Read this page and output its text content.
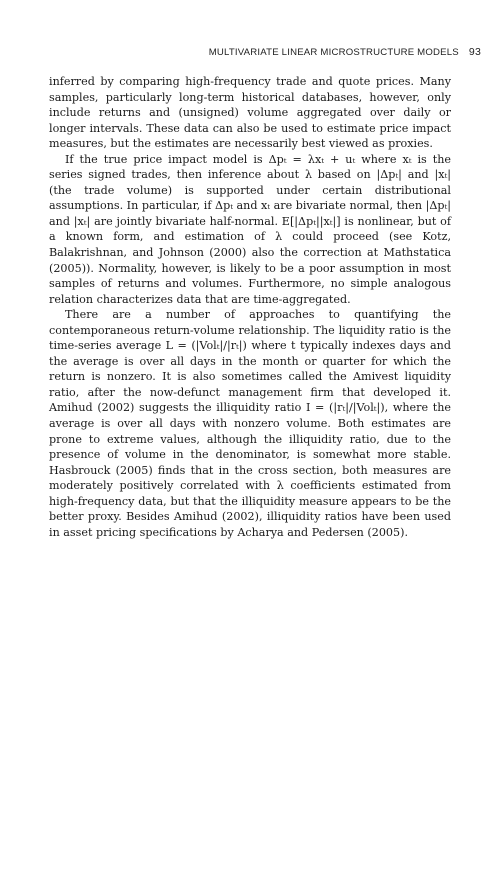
MULTIVARIATE LINEAR MICROSTRUCTURE MODELS 93

inferred by comparing high-frequency trade and quote prices. Many samples, particularly long-term historical databases, however, only include returns and (unsigned) volume aggregated over daily or longer intervals. These data can also be used to estimate price impact measures, but the estimates are necessarily best viewed as proxies.

If the true price impact model is Δpₜ = λxₜ + uₜ where xₜ is the series signed trades, then inference about λ based on |Δpₜ| and |xₜ| (the trade volume) is supported under certain distributional assumptions. In particular, if Δpₜ and xₜ are bivariate normal, then |Δpₜ| and |xₜ| are jointly bivariate half-normal. E[|Δpₜ||xₜ|] is nonlinear, but of a known form, and estimation of λ could proceed (see Kotz, Balakrishnan, and Johnson (2000) also the correction at Mathstatica (2005)). Normality, however, is likely to be a poor assumption in most samples of returns and volumes. Furthermore, no simple analogous relation characterizes data that are time-aggregated.

There are a number of approaches to quantifying the contemporaneous return-volume relationship. The liquidity ratio is the time-series average L = (|Volₜ|/|rₜ|) where t typically indexes days and the average is over all days in the month or quarter for which the return is nonzero. It is also sometimes called the Amivest liquidity ratio, after the now-defunct management firm that developed it. Amihud (2002) suggests the illiquidity ratio I = (|rₜ|/|Volₜ|), where the average is over all days with nonzero volume. Both estimates are prone to extreme values, although the illiquidity ratio, due to the presence of volume in the denominator, is somewhat more stable. Hasbrouck (2005) finds that in the cross section, both measures are moderately positively correlated with λ coefficients estimated from high-frequency data, but that the illiquidity measure appears to be the better proxy. Besides Amihud (2002), illiquidity ratios have been used in asset pricing specifications by Acharya and Pedersen (2005).
